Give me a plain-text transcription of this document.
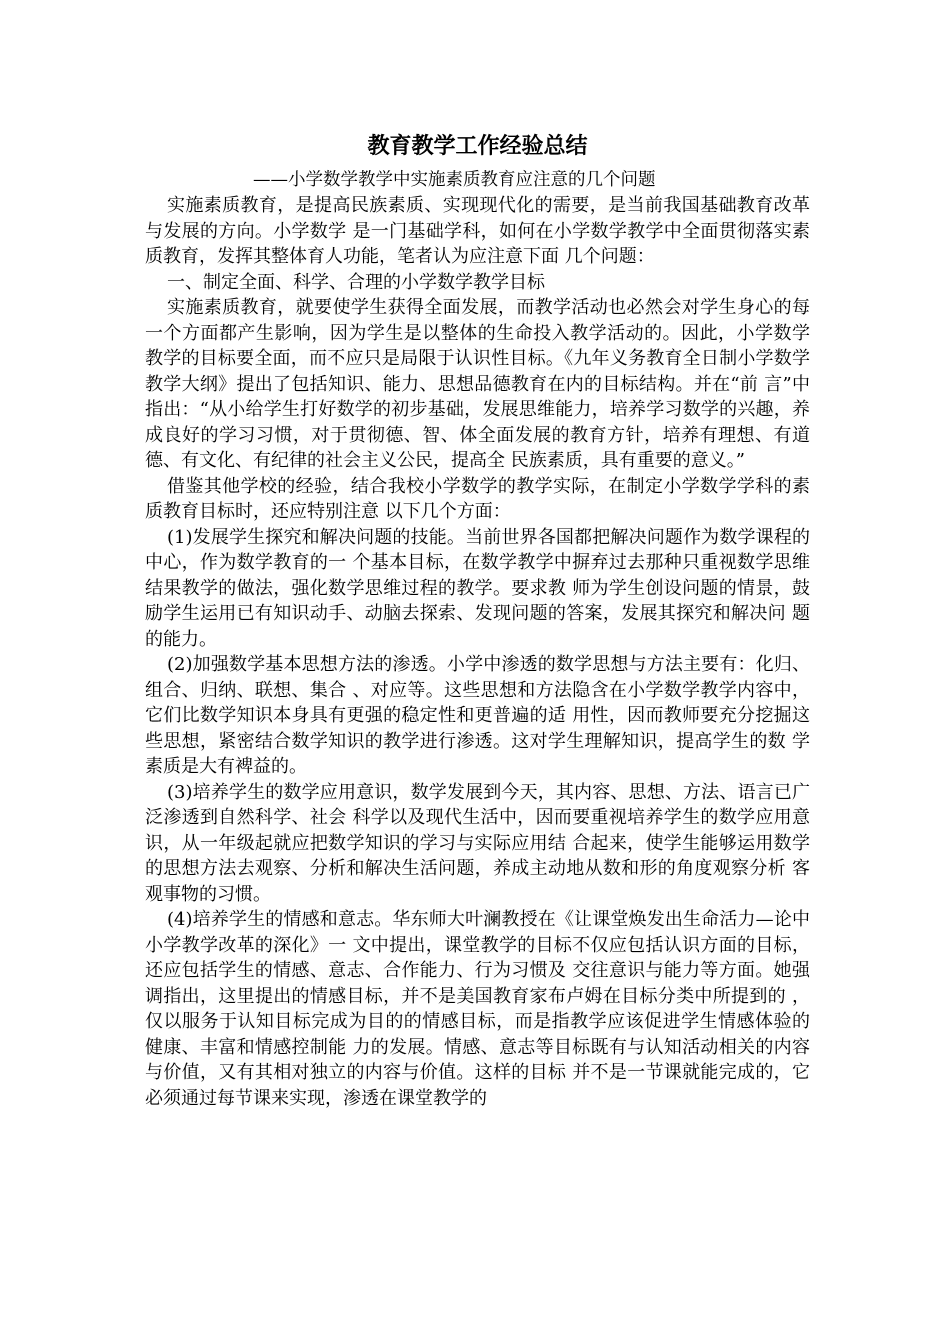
教育教学工作经验总结

——小学数学教学中实施素质教育应注意的几个问题

实施素质教育，是提高民族素质、实现现代化的需要，是当前我国基础教育改革与发展的方向。小学数学 是一门基础学科，如何在小学数学教学中全面贯彻落实素质教育，发挥其整体育人功能，笔者认为应注意下面 几个问题：

一、制定全面、科学、合理的小学数学教学目标

实施素质教育，就要使学生获得全面发展，而教学活动也必然会对学生身心的每一个方面都产生影响，因为学生是以整体的生命投入教学活动的。因此，小学数学教学的目标要全面，而不应只是局限于认识性目标。《九年义务教育全日制小学数学教学大纲》提出了包括知识、能力、思想品德教育在内的目标结构。并在“前 言”中指出：“从小给学生打好数学的初步基础，发展思维能力，培养学习数学的兴趣，养成良好的学习习惯，对于贯彻德、智、体全面发展的教育方针，培养有理想、有道德、有文化、有纪律的社会主义公民，提高全 民族素质，具有重要的意义。”

借鉴其他学校的经验，结合我校小学数学的教学实际，在制定小学数学学科的素质教育目标时，还应特别注意 以下几个方面：

(1)发展学生探究和解决问题的技能。当前世界各国都把解决问题作为数学课程的中心，作为数学教育的一 个基本目标，在数学教学中摒弃过去那种只重视数学思维结果教学的做法，强化数学思维过程的教学。要求教 师为学生创设问题的情景，鼓励学生运用已有知识动手、动脑去探索、发现问题的答案，发展其探究和解决问 题的能力。

(2)加强数学基本思想方法的渗透。小学中渗透的数学思想与方法主要有：化归、组合、归纳、联想、集合 、对应等。这些思想和方法隐含在小学数学教学内容中，它们比数学知识本身具有更强的稳定性和更普遍的适 用性，因而教师要充分挖掘这些思想，紧密结合数学知识的教学进行渗透。这对学生理解知识，提高学生的数 学素质是大有裨益的。

(3)培养学生的数学应用意识，数学发展到今天，其内容、思想、方法、语言已广泛渗透到自然科学、社会 科学以及现代生活中，因而要重视培养学生的数学应用意识，从一年级起就应把数学知识的学习与实际应用结 合起来，使学生能够运用数学的思想方法去观察、分析和解决生活问题，养成主动地从数和形的角度观察分析 客观事物的习惯。

(4)培养学生的情感和意志。华东师大叶澜教授在《让课堂焕发出生命活力—论中小学教学改革的深化》一 文中提出，课堂教学的目标不仅应包括认识方面的目标，还应包括学生的情感、意志、合作能力、行为习惯及 交往意识与能力等方面。她强调指出，这里提出的情感目标，并不是美国教育家布卢姆在目标分类中所提到的 ，仅以服务于认知目标完成为目的的情感目标，而是指教学应该促进学生情感体验的健康、丰富和情感控制能 力的发展。情感、意志等目标既有与认知活动相关的内容与价值，又有其相对独立的内容与价值。这样的目标 并不是一节课就能完成的，它必须通过每节课来实现，渗透在课堂教学的
